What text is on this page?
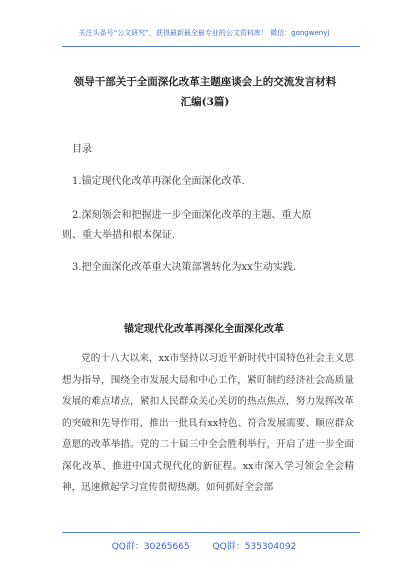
关注头条号“公文研究”，获得最新最全最专业的公文资料库！ 微信：gongwenyj
领导干部关于全面深化改革主题座谈会上的交流发言材料
汇编(3篇)
目录
1.锚定现代化改革再深化全面深化改革.
2.深刻领会和把握进一步全面深化改革的主题、重大原
则、重大举措和根本保证.
3.把全面深化改革重大决策部署转化为xx生动实践.
锚定现代化改革再深化全面深化改革
党的十八大以来，xx市坚持以习近平新时代中国特色社会主义思想为指导，围绕全市发展大局和中心工作，紧盯制约经济社会高质量发展的难点堵点，紧扣人民群众关心关切的热点焦点，努力发挥改革的突破和先导作用，推出一批具有xx特色、符合发展需要、顺应群众意愿的改革举措。党的二十届三中全会胜利举行，开启了进一步全面深化改革、推进中国式现代化的新征程。xx市深入学习领会全会精神，迅速掀起学习宣传贯彻热潮。如何抓好全会部
QQ群：30265665	QQ群：535304092
